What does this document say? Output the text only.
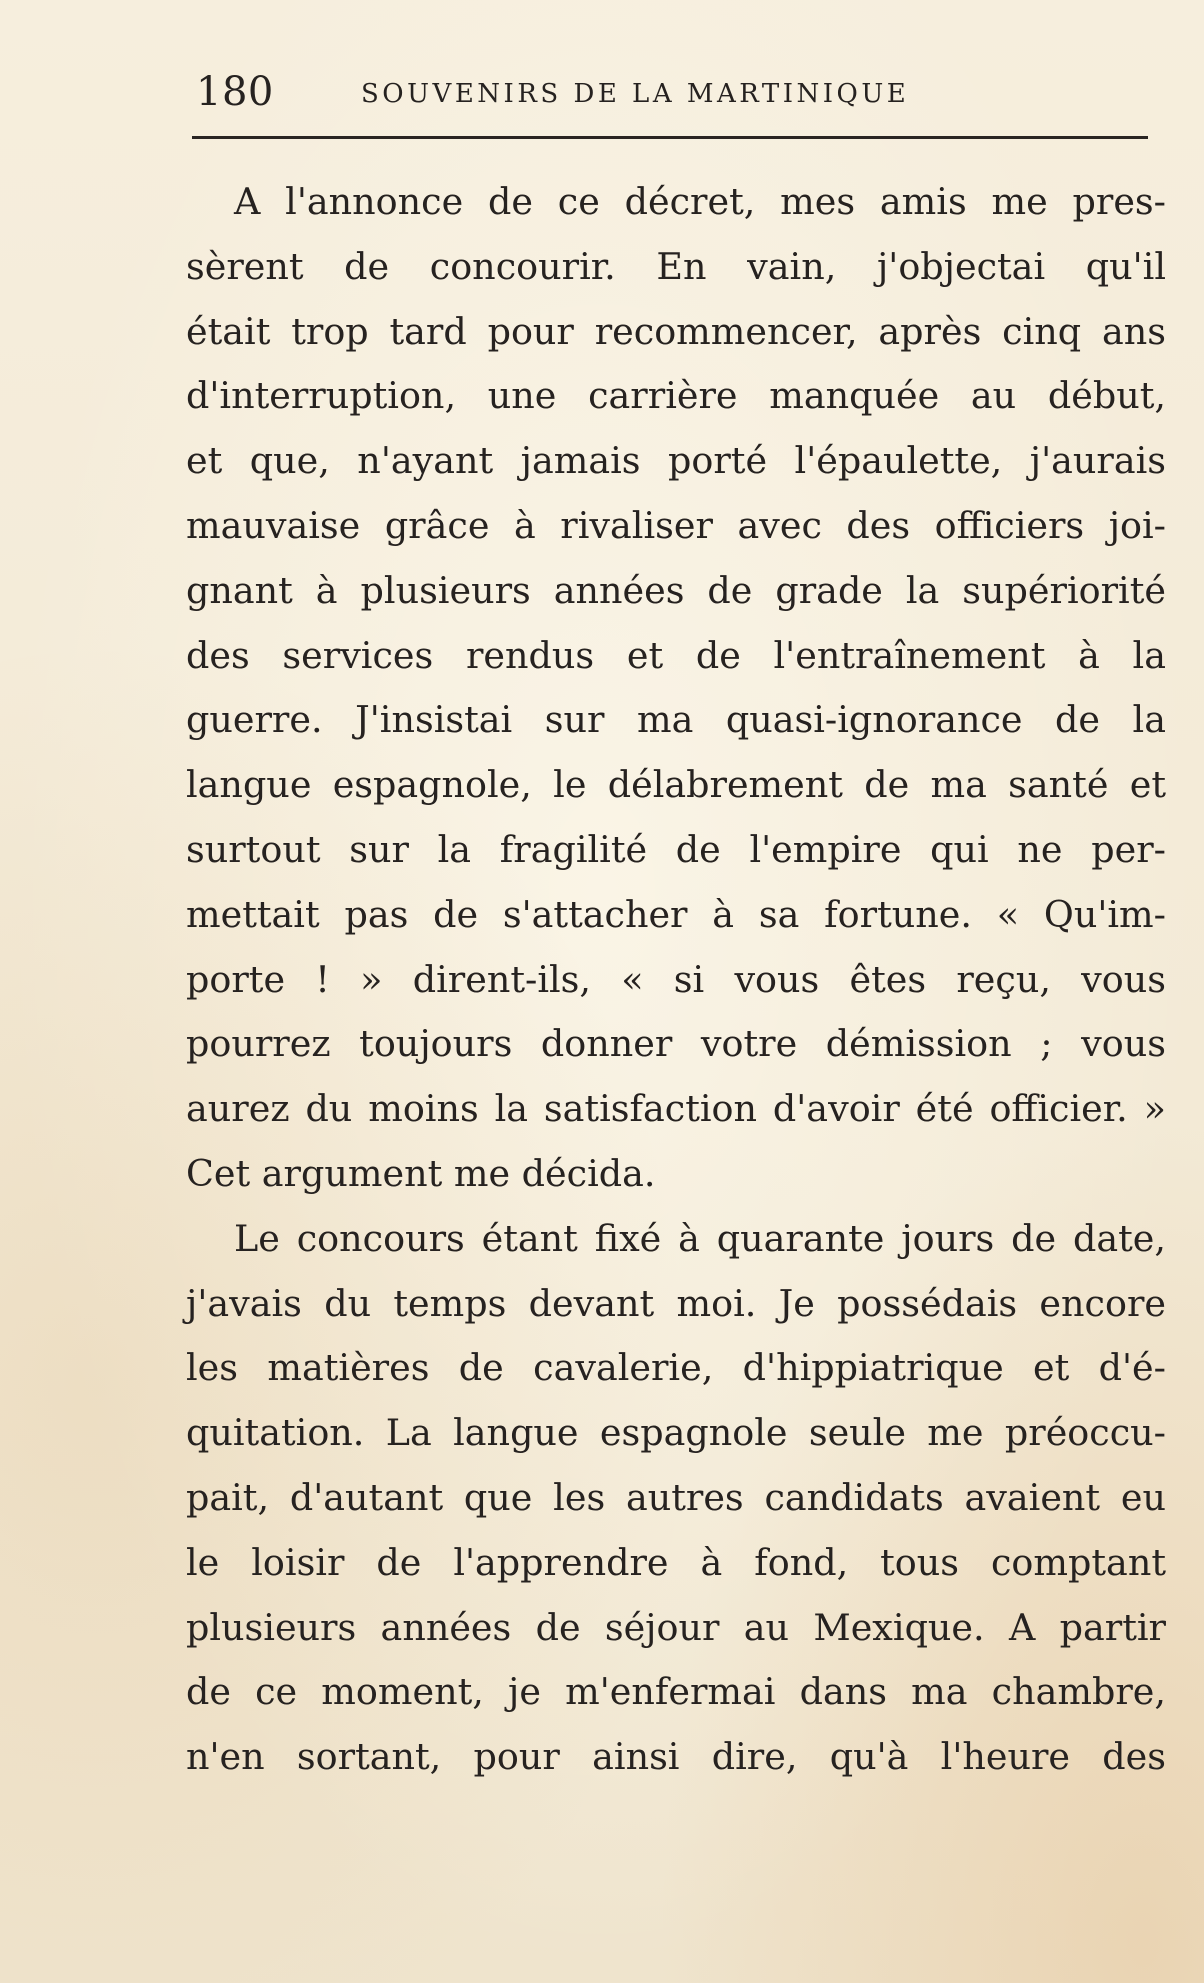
180	SOUVENIRS DE LA MARTINIQUE
A l'annonce de ce décret, mes amis me pres-
sèrent de concourir. En vain, j'objectai qu'il
était trop tard pour recommencer, après cinq ans
d'interruption, une carrière manquée au début,
et que, n'ayant jamais porté l'épaulette, j'aurais
mauvaise grâce à rivaliser avec des officiers joi-
gnant à plusieurs années de grade la supériorité
des services rendus et de l'entraînement à la
guerre. J'insistai sur ma quasi-ignorance de la
langue espagnole, le délabrement de ma santé et
surtout sur la fragilité de l'empire qui ne per-
mettait pas de s'attacher à sa fortune. « Qu'im-
porte ! » dirent-ils, « si vous êtes reçu, vous
pourrez toujours donner votre démission ; vous
aurez du moins la satisfaction d'avoir été officier. »
Cet argument me décida.
Le concours étant fixé à quarante jours de date,
j'avais du temps devant moi. Je possédais encore
les matières de cavalerie, d'hippiatrique et d'é-
quitation. La langue espagnole seule me préoccu-
pait, d'autant que les autres candidats avaient eu
le loisir de l'apprendre à fond, tous comptant
plusieurs années de séjour au Mexique. A partir
de ce moment, je m'enfermai dans ma chambre,
n'en sortant, pour ainsi dire, qu'à l'heure des
